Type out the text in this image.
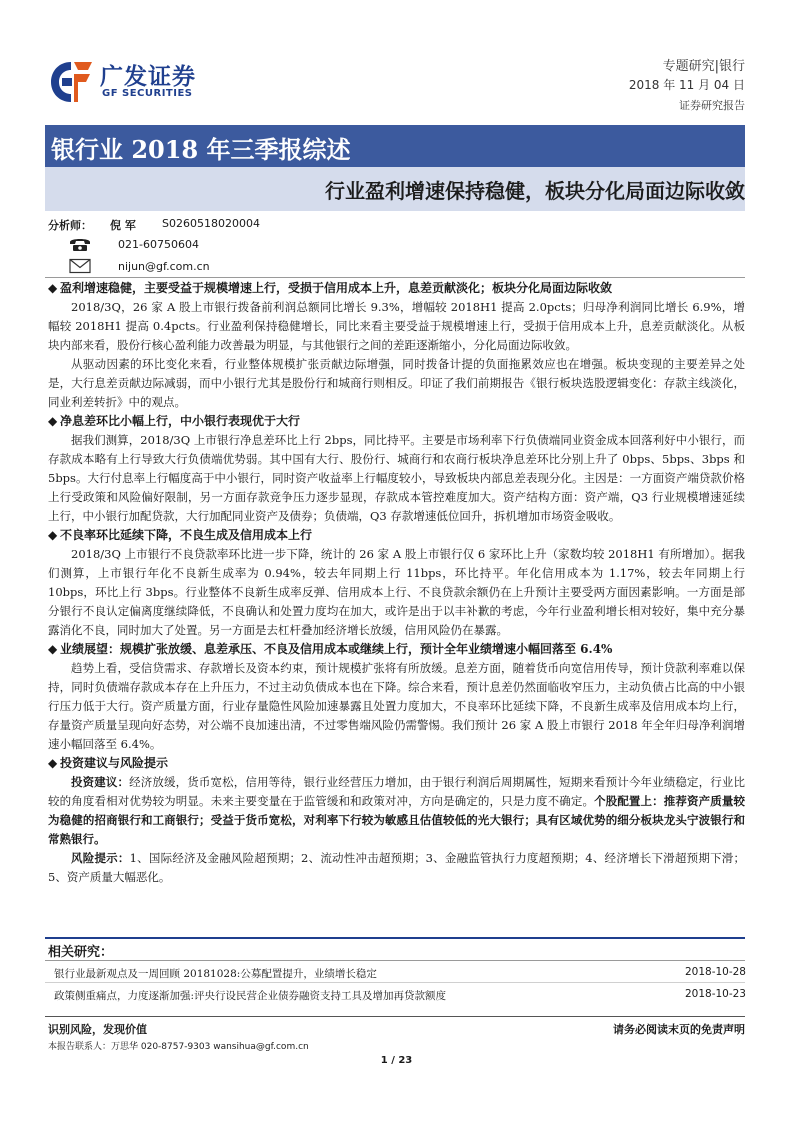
广发证券
GF SECURITIES
专题研究|银行
2018 年 11 月 04 日
证券研究报告
银行业 2018 年三季报综述
行业盈利增速保持稳健，板块分化局面边际收敛
分析师： 倪 军 S0260518020004
021-60750604
nijun@gf.com.cn
◆ 盈利增速稳健，主要受益于规模增速上行，受损于信用成本上升，息差贡献淡化；板块分化局面边际收敛

2018/3Q，26 家 A 股上市银行拨备前利润总额同比增长 9.3%，增幅较 2018H1 提高 2.0pcts；归母净利润同比增长 6.9%，增幅较 2018H1 提高 0.4pcts。行业盈利保持稳健增长，同比来看主要受益于规模增速上行，受损于信用成本上升，息差贡献淡化。从板块内部来看，股份行核心盈利能力改善最为明显，与其他银行之间的差距逐渐缩小，分化局面边际收敛。

从驱动因素的环比变化来看，行业整体规模扩张贡献边际增强，同时拨备计提的负面拖累效应也在增强。板块变现的主要差异之处是，大行息差贡献边际减弱，而中小银行尤其是股份行和城商行则相反。印证了我们前期报告《银行板块选股逻辑变化：存款主线淡化，同业利差转折》中的观点。

◆ 净息差环比小幅上行，中小银行表现优于大行

据我们测算，2018/3Q 上市银行净息差环比上行 2bps，同比持平。主要是市场利率下行负债端同业资金成本回落利好中小银行，而存款成本略有上行导致大行负债端优势弱。其中国有大行、股份行、城商行和农商行板块净息差环比分别上升了 0bps、5bps、3bps 和 5bps。大行付息率上行幅度高于中小银行，同时资产收益率上行幅度较小，导致板块内部息差表现分化。主因是：一方面资产端贷款价格上行受政策和风险偏好限制，另一方面存款竞争压力逐步显现，存款成本管控难度加大。资产结构方面：资产端，Q3 行业规模增速延续上行，中小银行加配贷款，大行加配同业资产及债券；负债端，Q3 存款增速低位回升，拆机增加市场资金吸收。

◆ 不良率环比延续下降，不良生成及信用成本上行

2018/3Q 上市银行不良贷款率环比进一步下降，统计的 26 家 A 股上市银行仅 6 家环比上升（家数均较 2018H1 有所增加）。据我们测算，上市银行年化不良新生成率为 0.94%，较去年同期上行 11bps，环比持平。年化信用成本为 1.17%，较去年同期上行 10bps，环比上行 3bps。行业整体不良新生成率反弹、信用成本上行、不良贷款余额仍在上升预计主要受两方面因素影响。一方面是部分银行不良认定偏离度继续降低，不良确认和处置力度均在加大，或许是出于以丰补歉的考虑，今年行业盈利增长相对较好，集中充分暴露消化不良，同时加大了处置。另一方面是去杠杆叠加经济增长放缓，信用风险仍在暴露。

◆ 业绩展望：规模扩张放缓、息差承压、不良及信用成本或继续上行，预计全年业绩增速小幅回落至 6.4%

趋势上看，受信贷需求、存款增长及资本约束，预计规模扩张将有所放缓。息差方面，随着货币向宽信用传导，预计贷款利率难以保持，同时负债端存款成本存在上升压力，不过主动负债成本也在下降。综合来看，预计息差仍然面临收窄压力，主动负债占比高的中小银行压力低于大行。资产质量方面，行业存量隐性风险加速暴露且处置力度加大，不良率环比延续下降，不良新生成率及信用成本均上行，存量资产质量呈现向好态势，对公端不良加速出清，不过零售端风险仍需警惕。我们预计 26 家 A 股上市银行 2018 年全年归母净利润增速小幅回落至 6.4%。

◆ 投资建议与风险提示

投资建议：经济放缓，货币宽松，信用等待，银行业经营压力增加，由于银行利润后周期属性，短期来看预计今年业绩稳定，行业比较的角度看相对优势较为明显。未来主要变量在于监管缓和和政策对冲，方向是确定的，只是力度不确定。个股配置上：推荐资产质量较为稳健的招商银行和工商银行；受益于货币宽松，对利率下行较为敏感且估值较低的光大银行；具有区域优势的细分板块龙头宁波银行和常熟银行。

风险提示：1、国际经济及金融风险超预期；2、流动性冲击超预期；3、金融监管执行力度超预期；4、经济增长下滑超预期下滑；5、资产质量大幅恶化。

相关研究：
银行业最新观点及一周回顾 20181028:公募配置提升，业绩增长稳定	2018-10-28
政策侧重痛点，力度逐渐加强:评央行设民营企业债券融资支持工具及增加再贷款额度	2018-10-23
识别风险，发现价值	请务必阅读末页的免责声明
本报告联系人：万思华 020-8757-9303 wansihua@gf.com.cn
1 / 23
